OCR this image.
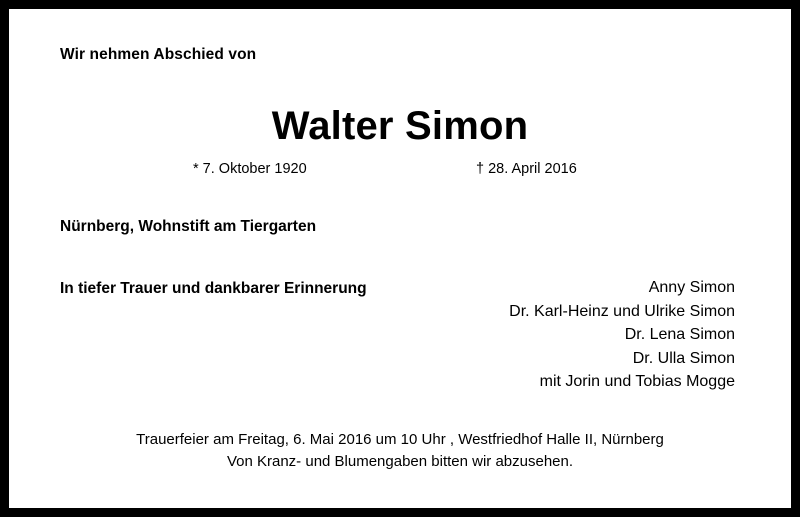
Wir nehmen Abschied von
Walter Simon
* 7. Oktober 1920	† 28. April 2016
Nürnberg, Wohnstift am Tiergarten
In tiefer Trauer und dankbarer Erinnerung	Anny Simon
Dr. Karl-Heinz und Ulrike Simon
Dr. Lena Simon
Dr. Ulla Simon
mit Jorin und Tobias Mogge
Trauerfeier am Freitag, 6. Mai 2016 um 10 Uhr , Westfriedhof Halle II, Nürnberg
Von Kranz- und Blumengaben bitten wir abzusehen.
